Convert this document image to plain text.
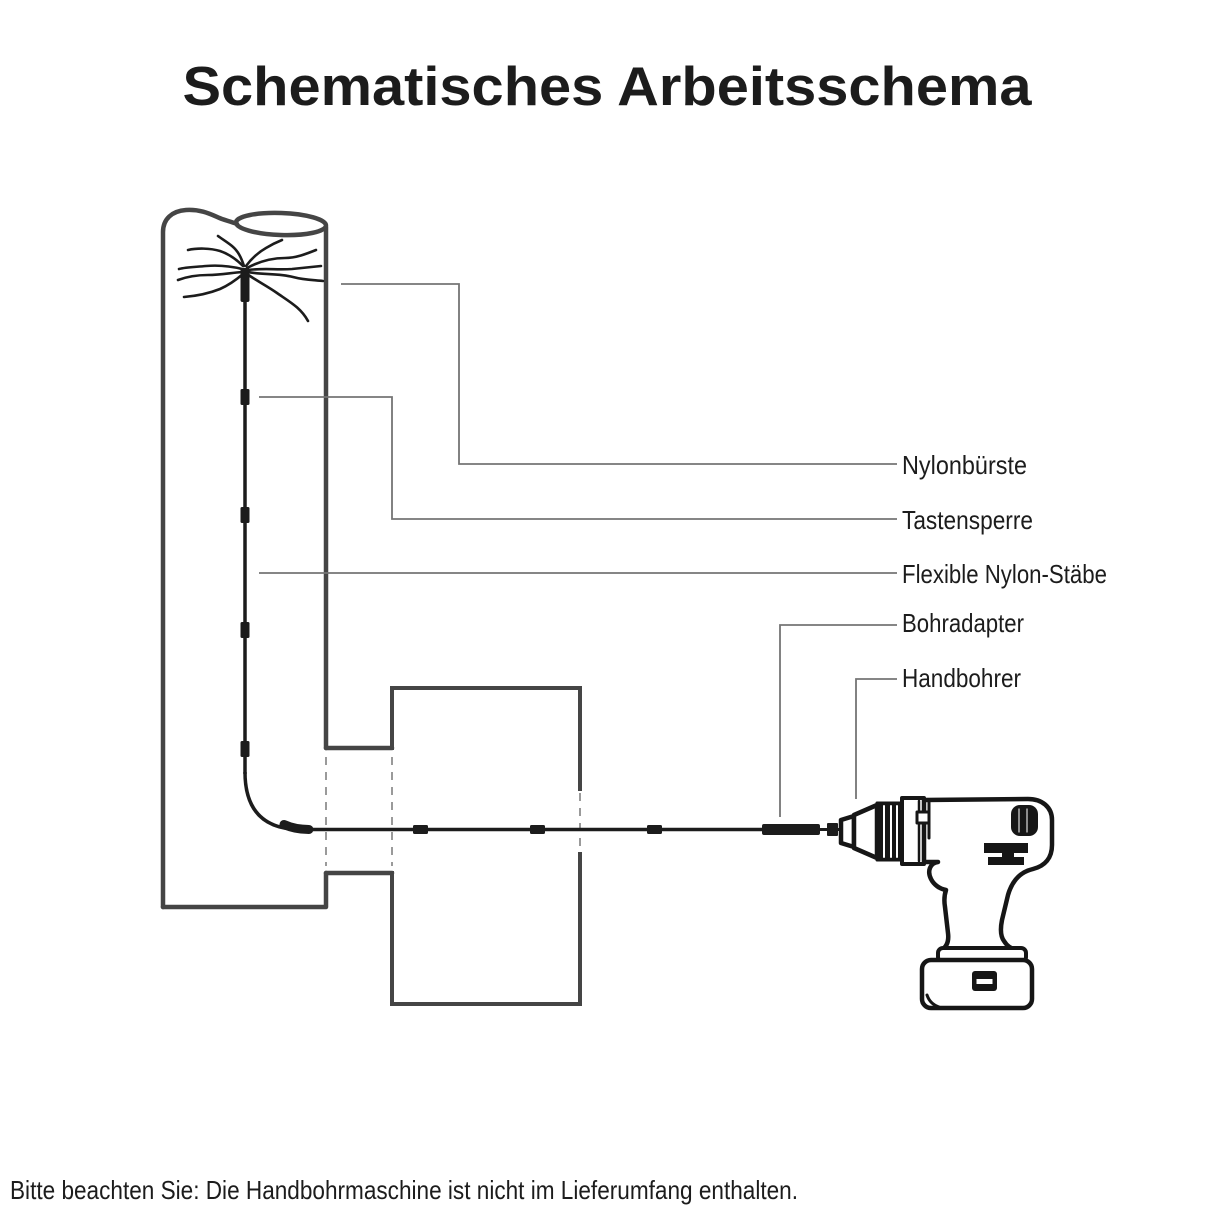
Schematisches Arbeitsschema
Nylonbürste
Tastensperre
Flexible Nylon-Stäbe
Bohradapter
Handbohrer
Bitte beachten Sie: Die Handbohrmaschine ist nicht im Lieferumfang enthalten.
